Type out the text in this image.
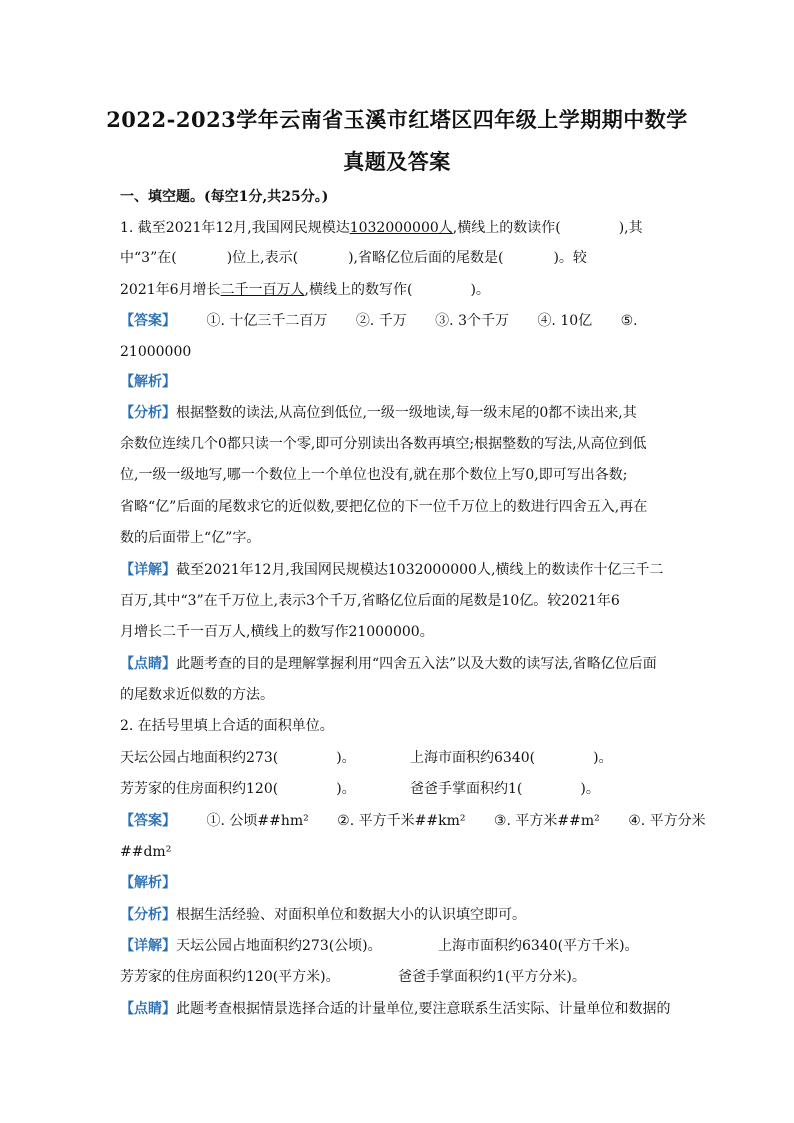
2022-2023学年云南省玉溪市红塔区四年级上学期期中数学
真题及答案
一、填空题。(每空1分,共25分。)
1. 截至2021年12月,我国网民规模达1032000000人,横线上的数读作(	),其
中“3”在(	)位上,表示(	),省略亿位后面的尾数是(	)。较
2021年6月增长二千一百万人,横线上的数写作(	)。
【答案】 ①. 十亿三千二百万 ②. 千万 ③. 3个千万 ④. 10亿 ⑤.
21000000
【解析】
【分析】根据整数的读法,从高位到低位,一级一级地读,每一级末尾的0都不读出来,其
余数位连续几个0都只读一个零,即可分别读出各数再填空;根据整数的写法,从高位到低
位,一级一级地写,哪一个数位上一个单位也没有,就在那个数位上写0,即可写出各数;
省略“亿”后面的尾数求它的近似数,要把亿位的下一位千万位上的数进行四舍五入,再在
数的后面带上“亿”字。
【详解】截至2021年12月,我国网民规模达1032000000人,横线上的数读作十亿三千二
百万,其中“3”在千万位上,表示3个千万,省略亿位后面的尾数是10亿。较2021年6
月增长二千一百万人,横线上的数写作21000000。
【点睛】此题考查的目的是理解掌握利用“四舍五入法”以及大数的读写法,省略亿位后面
的尾数求近似数的方法。
2. 在括号里填上合适的面积单位。
天坛公园占地面积约273(	)。	上海市面积约6340(	)。
芳芳家的住房面积约120(	)。	爸爸手掌面积约1(	)。
【答案】 ①. 公顷##hm² ②. 平方千米##km² ③. 平方米##m² ④. 平方分米
##dm²
【解析】
【分析】根据生活经验、对面积单位和数据大小的认识填空即可。
【详解】天坛公园占地面积约273(公顷)。	上海市面积约6340(平方千米)。
芳芳家的住房面积约120(平方米)。	爸爸手掌面积约1(平方分米)。
【点睛】此题考查根据情景选择合适的计量单位,要注意联系生活实际、计量单位和数据的
